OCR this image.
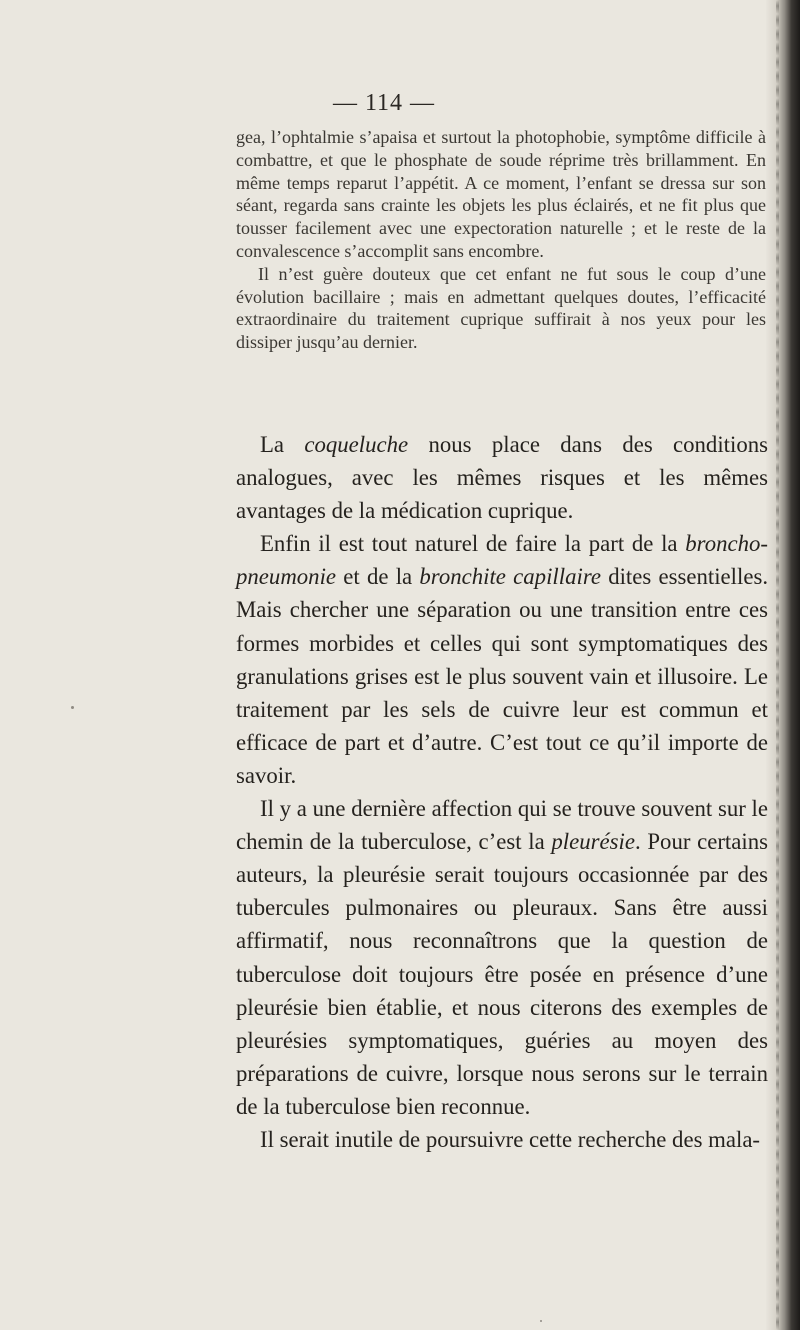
— 114 —

gea, l’ophtalmie s’apaisa et surtout la photophobie, symptôme difficile à combattre, et que le phosphate de soude réprime très brillamment. En même temps reparut l’appétit. A ce moment, l’enfant se dressa sur son séant, regarda sans crainte les objets les plus éclairés, et ne fit plus que tousser facilement avec une expectoration naturelle ; et le reste de la convalescence s’accomplit sans encombre.

Il n’est guère douteux que cet enfant ne fut sous le coup d’une évolution bacillaire ; mais en admettant quelques doutes, l’efficacité extraordinaire du traitement cuprique suffirait à nos yeux pour les dissiper jusqu’au dernier.

La coqueluche nous place dans des conditions analogues, avec les mêmes risques et les mêmes avantages de la médication cuprique.

Enfin il est tout naturel de faire la part de la broncho-pneumonie et de la bronchite capillaire dites essentielles. Mais chercher une séparation ou une transition entre ces formes morbides et celles qui sont symptomatiques des granulations grises est le plus souvent vain et illusoire. Le traitement par les sels de cuivre leur est commun et efficace de part et d’autre. C’est tout ce qu’il importe de savoir.

Il y a une dernière affection qui se trouve souvent sur le chemin de la tuberculose, c’est la pleurésie. Pour certains auteurs, la pleurésie serait toujours occasionnée par des tubercules pulmonaires ou pleuraux. Sans être aussi affirmatif, nous reconnaîtrons que la question de tuberculose doit toujours être posée en présence d’une pleurésie bien établie, et nous citerons des exemples de pleurésies symptomatiques, guéries au moyen des préparations de cuivre, lorsque nous serons sur le terrain de la tuberculose bien reconnue.

Il serait inutile de poursuivre cette recherche des mala-
